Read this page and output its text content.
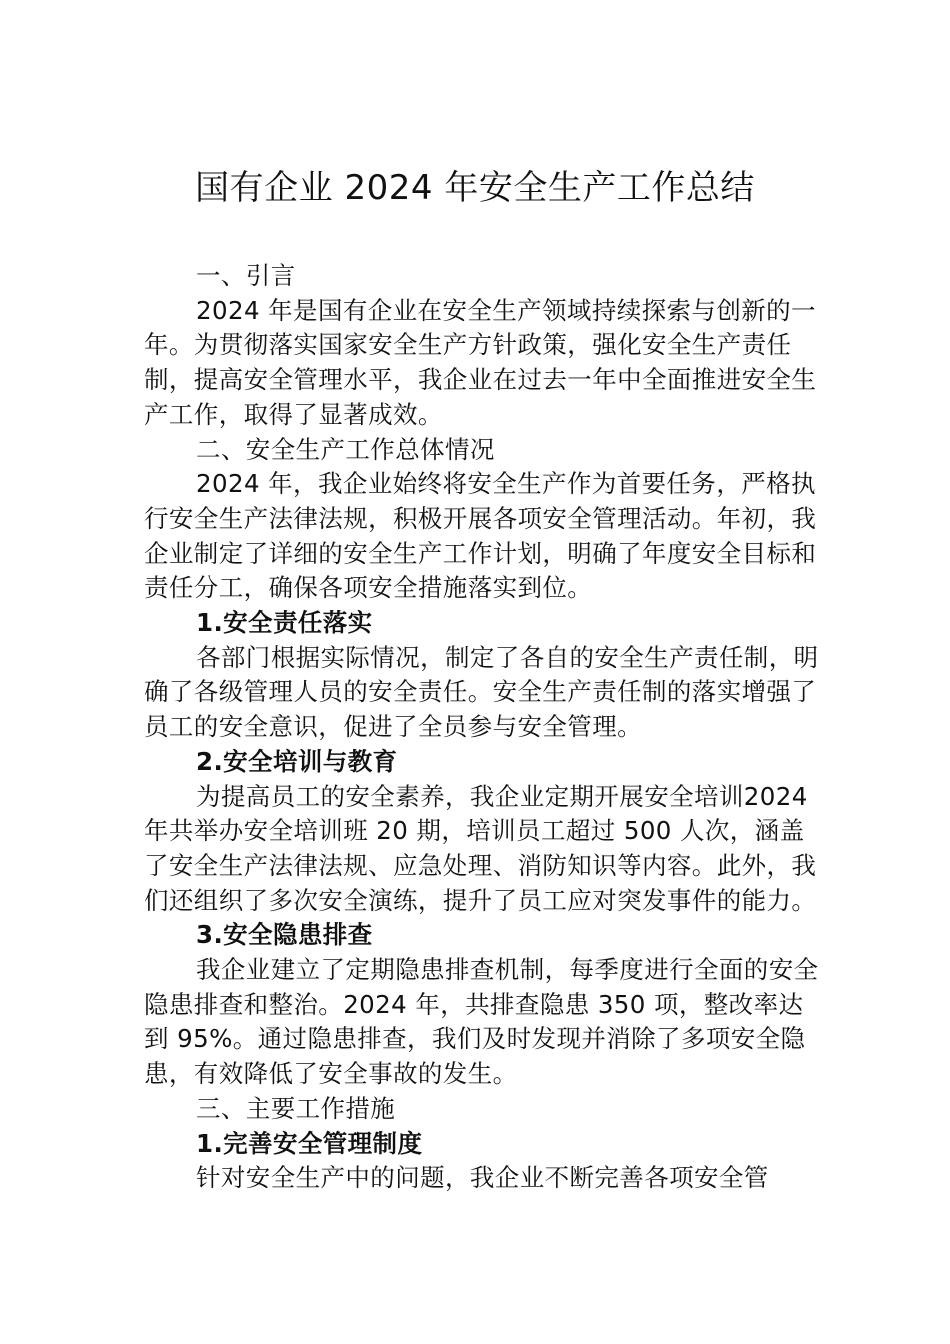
国有企业 2024 年安全生产工作总结

一、引言

2024 年是国有企业在安全生产领域持续探索与创新的一年。为贯彻落实国家安全生产方针政策，强化安全生产责任制，提高安全管理水平，我企业在过去一年中全面推进安全生产工作，取得了显著成效。

二、安全生产工作总体情况

2024 年，我企业始终将安全生产作为首要任务，严格执行安全生产法律法规，积极开展各项安全管理活动。年初，我企业制定了详细的安全生产工作计划，明确了年度安全目标和责任分工，确保各项安全措施落实到位。

1.安全责任落实

各部门根据实际情况，制定了各自的安全生产责任制，明确了各级管理人员的安全责任。安全生产责任制的落实增强了员工的安全意识，促进了全员参与安全管理。

2.安全培训与教育

为提高员工的安全素养，我企业定期开展安全培训2024 年共举办安全培训班 20 期，培训员工超过 500 人次，涵盖了安全生产法律法规、应急处理、消防知识等内容。此外，我们还组织了多次安全演练，提升了员工应对突发事件的能力。

3.安全隐患排查

我企业建立了定期隐患排查机制，每季度进行全面的安全隐患排查和整治。2024 年，共排查隐患 350 项，整改率达到 95%。通过隐患排查，我们及时发现并消除了多项安全隐患，有效降低了安全事故的发生。

三、主要工作措施

1.完善安全管理制度

针对安全生产中的问题，我企业不断完善各项安全管
